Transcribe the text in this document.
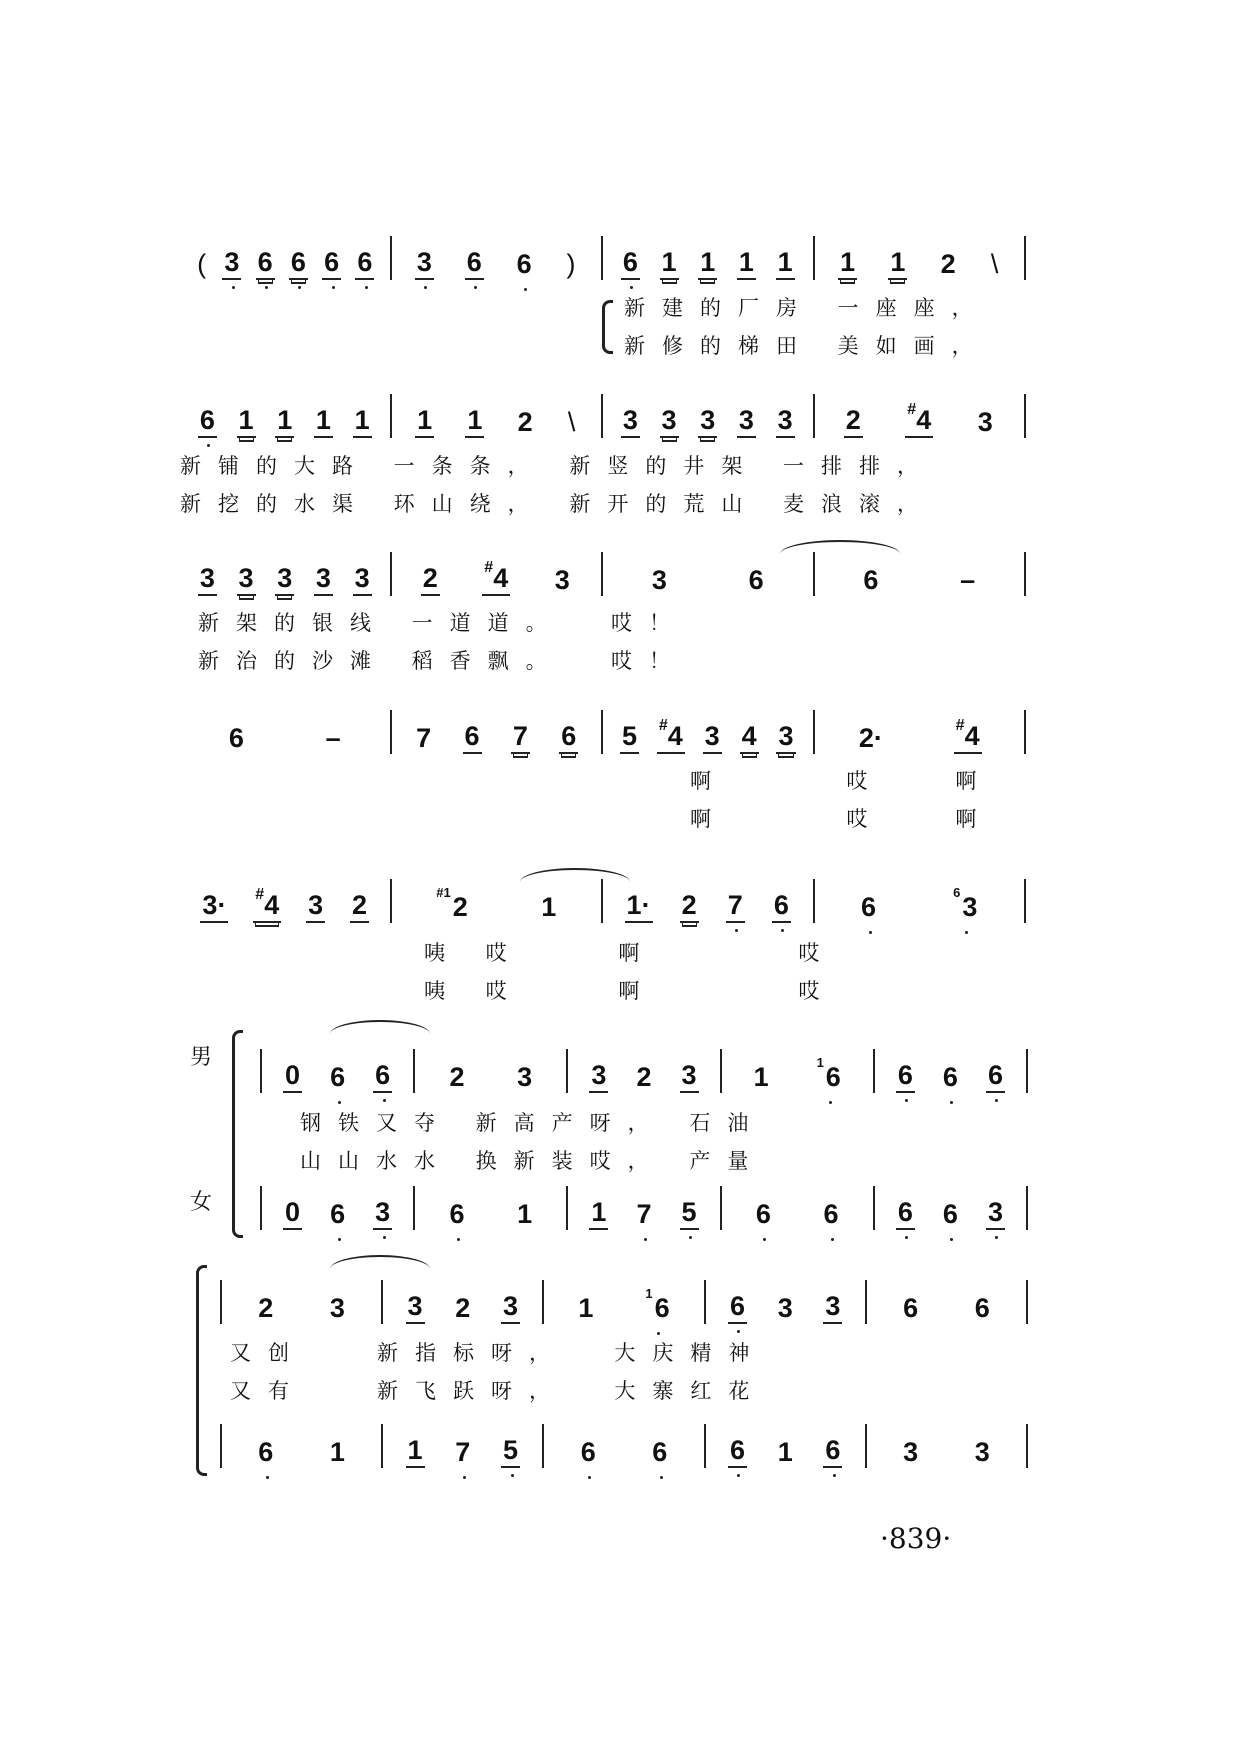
( 3 6 6 6 6 3 6 6 ) 6 1 1 1 1 1 1 2 \
6 1 1 1 1 1 1 2 \ 3 3 3 3 3 2	#4 3
3 3 3 3 3 2	#4 3	3	6	6	–
6	–	7 6 7 6 5 #4 3 4 3 2·	#4
3· #4 3 2	$^{\#1}$2	1	1· 2 7 6	6	$^6$3
0 6 6 2 3 3 2 3 1	$^1$6 6 6 6
0 6 3 6 1 1 7 5 6 6 6 6 3
2 3 3 2 3 1	$^1$6 6 3 3 6 6
6 1 1 7 5 6 6 6 1 6 3 3
新建的厂房 一座座，
新修的梯田 美如画，
新铺的大路 一条条， 新竖的井架 一排排，
新挖的水渠 环山绕， 新开的荒山 麦浪滚，
新架的银线 一道道。  哎！
新治的沙滩 稻香飘。  哎！
啊     哎   啊
啊     哎   啊
咦 哎    啊      哎
咦 哎    啊      哎
男
女
钢铁又夺 新高产呀， 石油
山山水水 换新装哎， 产量
又创   新指标呀，  大庆精神
又有   新飞跃呀，  大寨红花
·839·
